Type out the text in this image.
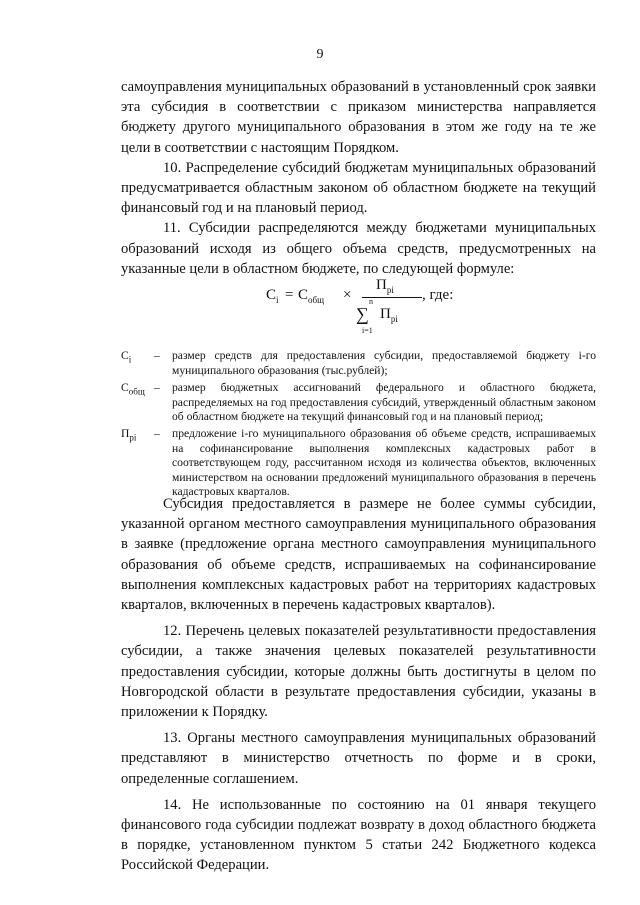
9

самоуправления муниципальных образований в установленный срок заявки эта субсидия в соответствии с приказом министерства направляется бюджету другого муниципального образования в этом же году на те же цели в соответствии с настоящим Порядком.

10. Распределение субсидий бюджетам муниципальных образований предусматривается областным законом об областном бюджете на текущий финансовый год и на плановый период.

11. Субсидии распределяются между бюджетами муниципальных образований исходя из общего объема средств, предусмотренных на указанные цели в областном бюджете, по следующей формуле:

$C_i = C_{общ}$ ×
$П_{pi}$
n
∑
i=1
$П_{pi}$
, где:
$C_i$	–	размер средств для предоставления субсидии, предоставляемой бюджету i-го муниципального образования (тыс.рублей);
$C_{общ}$ –	размер бюджетных ассигнований федерального и областного бюджета, распределяемых на год предоставления субсидий, утвержденный областным законом об областном бюджете на текущий финансовый год и на плановый период;
$П_{pi}$	–	предложение i-го муниципального образования об объеме средств, испрашиваемых на софинансирование выполнения комплексных кадастровых работ в соответствующем году, рассчитанном исходя из количества объектов, включенных министерством на основании предложений муниципального образования в перечень кадастровых кварталов.

Субсидия предоставляется в размере не более суммы субсидии, указанной органом местного самоуправления муниципального образования в заявке (предложение органа местного самоуправления муниципального образования об объеме средств, испрашиваемых на софинансирование выполнения комплексных кадастровых работ на территориях кадастровых кварталов, включенных в перечень кадастровых кварталов).

12. Перечень целевых показателей результативности предоставления субсидии, а также значения целевых показателей результативности предоставления субсидии, которые должны быть достигнуты в целом по Новгородской области в результате предоставления субсидии, указаны в приложении к Порядку.

13. Органы местного самоуправления муниципальных образований представляют в министерство отчетность по форме и в сроки, определенные соглашением.

14. Не использованные по состоянию на 01 января текущего финансового года субсидии подлежат возврату в доход областного бюджета в порядке, установленном пунктом 5 статьи 242 Бюджетного кодекса Российской Федерации.
